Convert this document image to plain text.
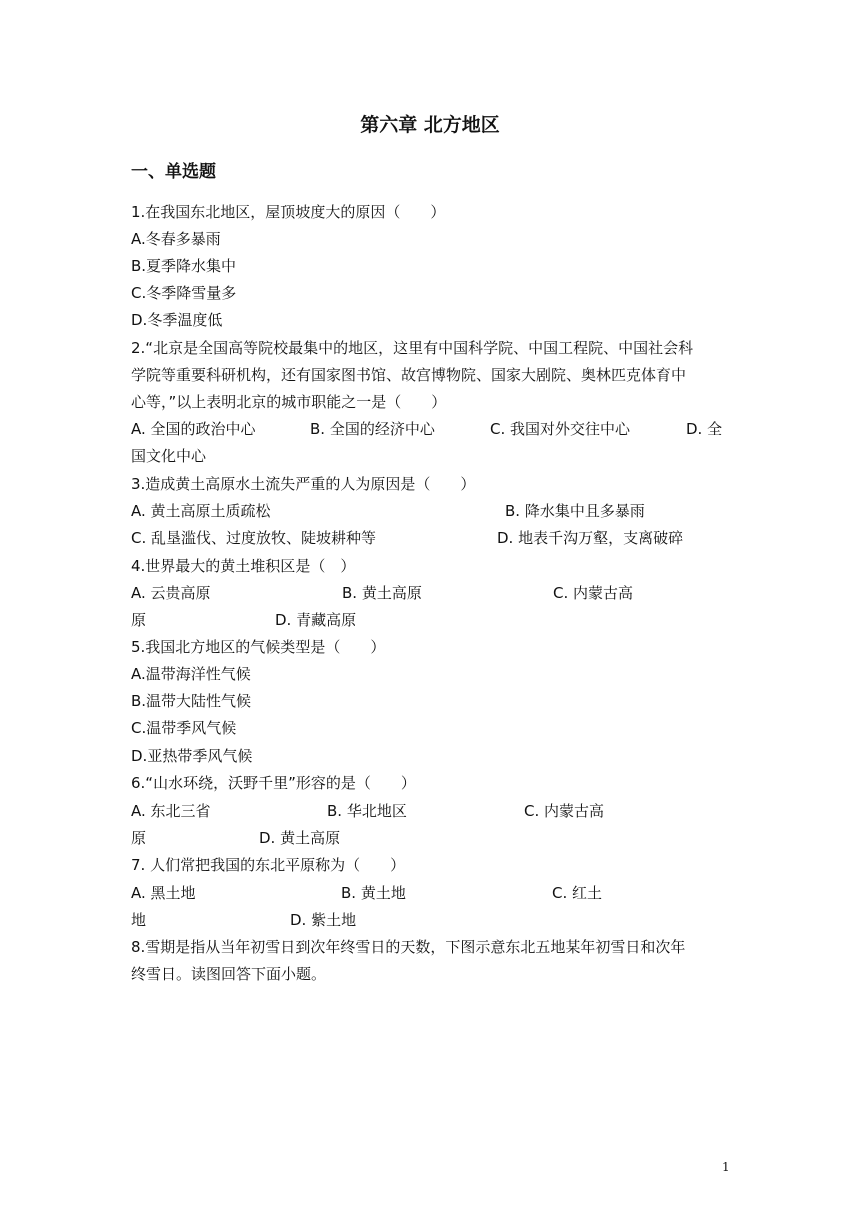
第六章 北方地区
一、单选题
1.在我国东北地区，屋顶坡度大的原因（　　）
A.冬春多暴雨
B.夏季降水集中
C.冬季降雪量多
D.冬季温度低
2.“北京是全国高等院校最集中的地区，这里有中国科学院、中国工程院、中国社会科
学院等重要科研机构，还有国家图书馆、故宫博物院、国家大剧院、奥林匹克体育中
心等，”以上表明北京的城市职能之一是（　　）
A. 全国的政治中心	B. 全国的经济中心	C. 我国对外交往中心	D. 全
国文化中心
3.造成黄土高原水土流失严重的人为原因是（　　）
A. 黄土高原土质疏松	B. 降水集中且多暴雨
C. 乱垦滥伐、过度放牧、陡坡耕种等	D. 地表千沟万壑，支离破碎
4.世界最大的黄土堆积区是（　）
A. 云贵高原	B. 黄土高原	C. 内蒙古高
原	D. 青藏高原
5.我国北方地区的气候类型是（　　）
A.温带海洋性气候
B.温带大陆性气候
C.温带季风气候
D.亚热带季风气候
6.“山水环绕，沃野千里”形容的是（　　）
A. 东北三省	B. 华北地区	C. 内蒙古高
原	D. 黄土高原
7. 人们常把我国的东北平原称为（　　）
A. 黑土地	B. 黄土地	C. 红土
地	D. 紫土地
8.雪期是指从当年初雪日到次年终雪日的天数，下图示意东北五地某年初雪日和次年
终雪日。读图回答下面小题。
1
